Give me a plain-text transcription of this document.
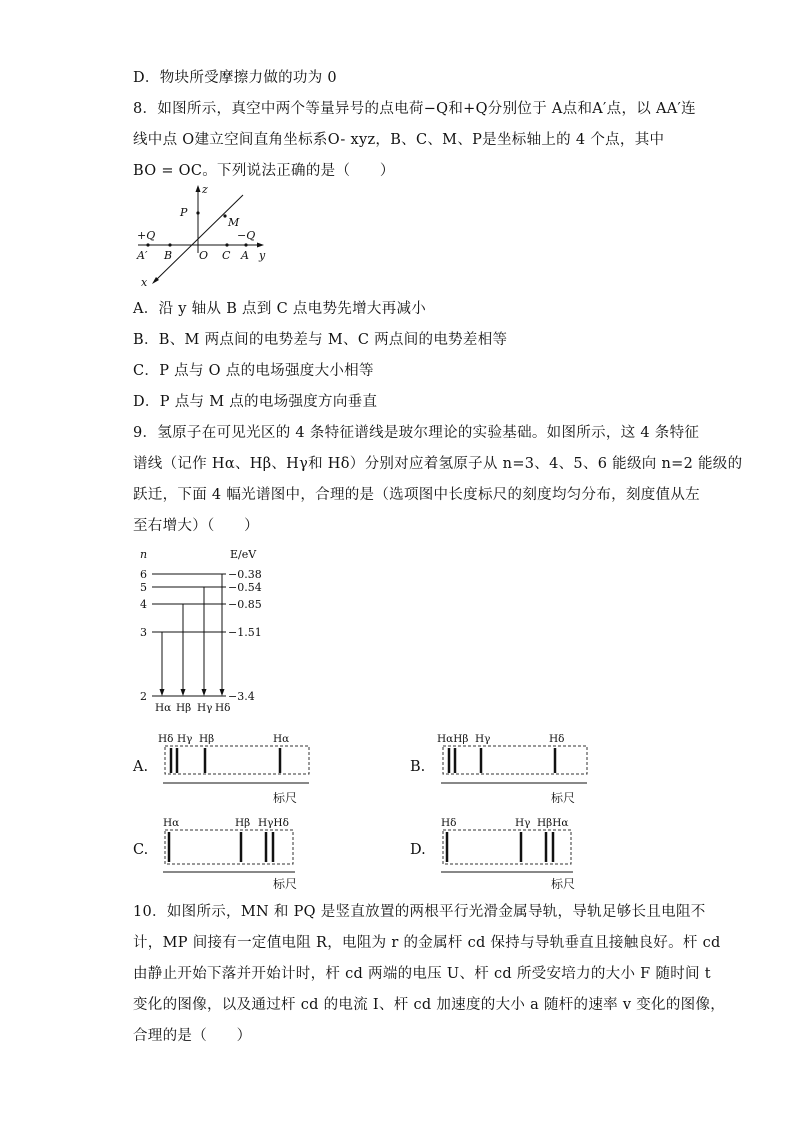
D．物块所受摩擦力做的功为 0
8．如图所示，真空中两个等量异号的点电荷−Q和+Q分别位于 A点和A′点，以 AA′连
线中点 O建立空间直角坐标系O- xyz，B、C、M、P是坐标轴上的 4 个点，其中
BO = OC。下列说法正确的是（　　）
z
y
x
P
M
+Q	−Q
A′ B O C A
A．沿 y 轴从 B 点到 C 点电势先增大再减小
B．B、M 两点间的电势差与 M、C 两点间的电势差相等
C．P 点与 O 点的电场强度大小相等
D．P 点与 M 点的电场强度方向垂直
9．氢原子在可见光区的 4 条特征谱线是玻尔理论的实验基础。如图所示，这 4 条特征
谱线（记作 Hα、Hβ、Hγ和 Hδ）分别对应着氢原子从 n=3、4、5、6 能级向 n=2 能级的
跃迁，下面 4 幅光谱图中，合理的是（选项图中长度标尺的刻度均匀分布，刻度值从左
至右增大）（　　）
n	E/eV
6
5
4
3
2
−0.38
−0.54
−0.85
−1.51
−3.4
Hα Hβ Hγ Hδ
A.
Hδ Hγ Hβ	Hα
标尺
B.
HαHβ Hγ	Hδ
标尺
C.
Hα	Hβ HγHδ
标尺
D.
Hδ	Hγ HβHα
标尺
10．如图所示，MN 和 PQ 是竖直放置的两根平行光滑金属导轨，导轨足够长且电阻不
计，MP 间接有一定值电阻 R，电阻为 r 的金属杆 cd 保持与导轨垂直且接触良好。杆 cd
由静止开始下落并开始计时，杆 cd 两端的电压 U、杆 cd 所受安培力的大小 F 随时间 t
变化的图像，以及通过杆 cd 的电流 I、杆 cd 加速度的大小 a 随杆的速率 v 变化的图像，
合理的是（　　）
